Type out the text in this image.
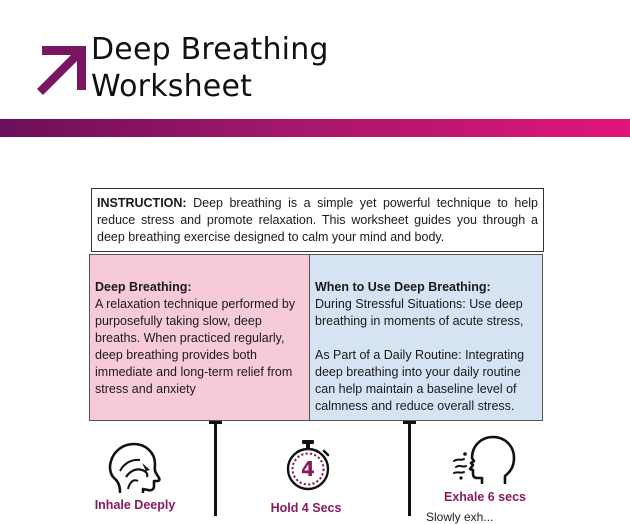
Deep Breathing
Worksheet
INSTRUCTION: Deep breathing is a simple yet powerful technique to help reduce stress and promote relaxation. This worksheet guides you through a deep breathing exercise designed to calm your mind and body.
Deep Breathing:

A relaxation technique performed by purposefully taking slow, deep breaths. When practiced regularly, deep breathing provides both immediate and long-term relief from stress and anxiety

When to Use Deep Breathing:

During Stressful Situations: Use deep breathing in moments of acute stress,

As Part of a Daily Routine: Integrating deep breathing into your daily routine can help maintain a baseline level of calmness and reduce overall stress.

Inhale Deeply
4
Hold 4 Secs
Exhale 6 secs
Slowly exh...
